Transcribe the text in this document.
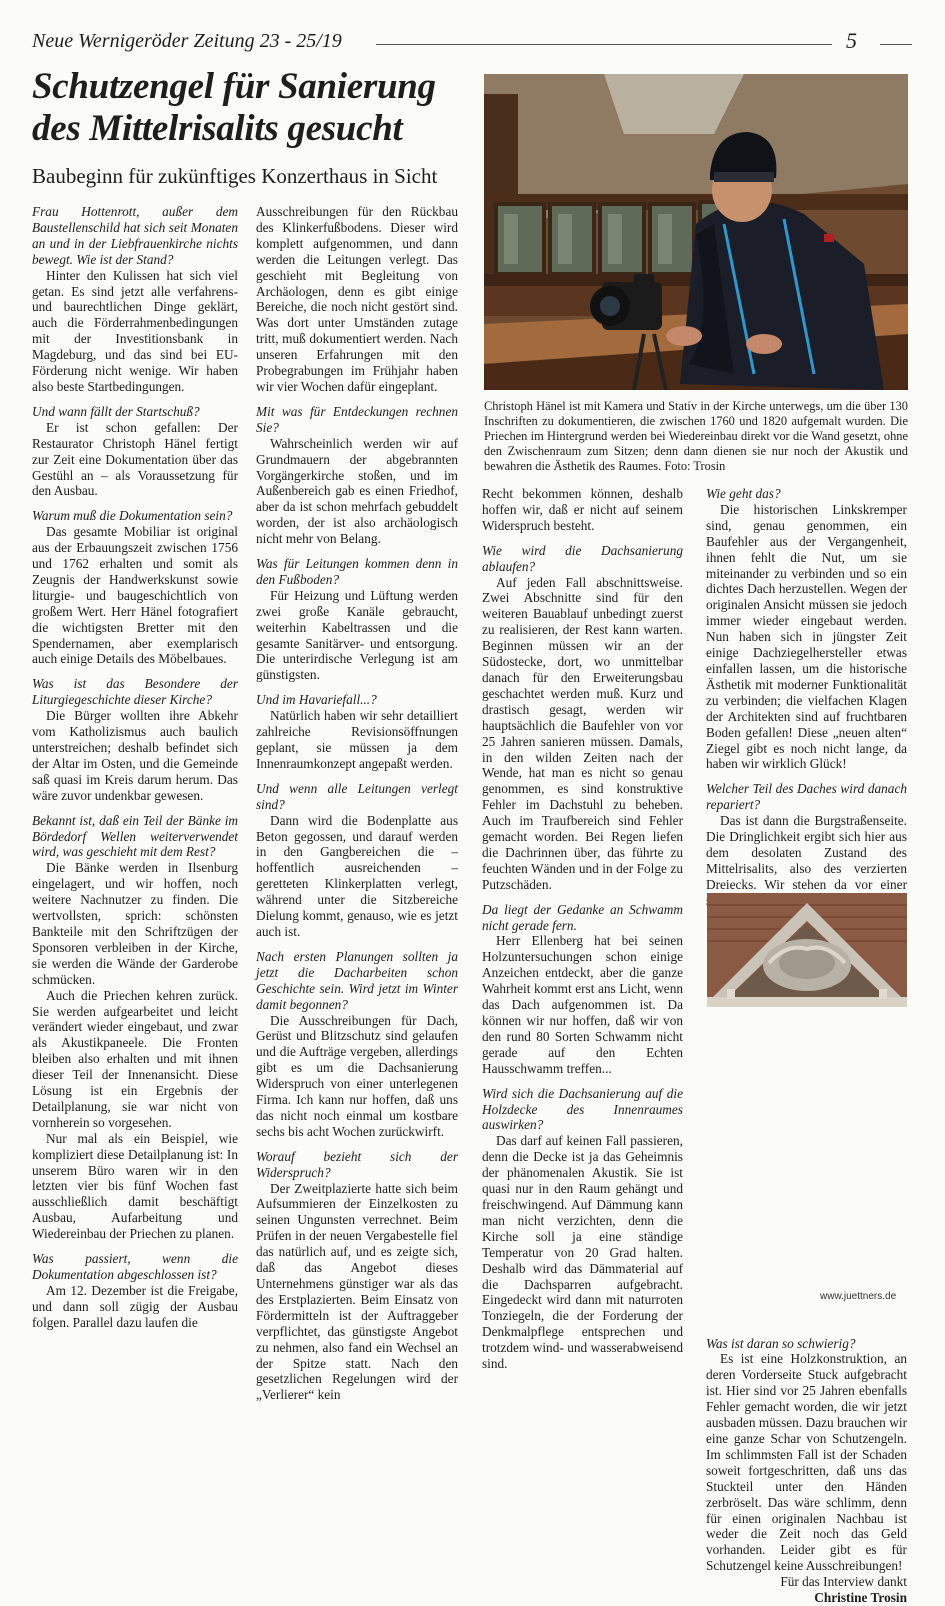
Neue Wernigeröder Zeitung 23 - 25/19	5
Schutzengel für Sanierung
des Mittelrisalits gesucht

Baubeginn für zukünftiges Konzerthaus in Sicht

Frau Hottenrott, außer dem Baustellenschild hat sich seit Monaten an und in der Liebfrauenkirche nichts bewegt. Wie ist der Stand?

Hinter den Kulissen hat sich viel getan. Es sind jetzt alle verfahrens- und baurechtlichen Dinge geklärt, auch die Förderrahmenbedingungen mit der Investitionsbank in Magdeburg, und das sind bei EU-Förderung nicht wenige. Wir haben also beste Startbedingungen.

Und wann fällt der Startschuß?

Er ist schon gefallen: Der Restaurator Christoph Hänel fertigt zur Zeit eine Dokumentation über das Gestühl an – als Voraussetzung für den Ausbau.

Warum muß die Dokumentation sein?

Das gesamte Mobiliar ist original aus der Erbauungszeit zwischen 1756 und 1762 erhalten und somit als Zeugnis der Handwerkskunst sowie liturgie- und baugeschichtlich von großem Wert. Herr Hänel fotografiert die wichtigsten Bretter mit den Spendernamen, aber exemplarisch auch einige Details des Möbelbaues.

Was ist das Besondere der Liturgiegeschichte dieser Kirche?

Die Bürger wollten ihre Abkehr vom Katholizismus auch baulich unterstreichen; deshalb befindet sich der Altar im Osten, und die Gemeinde saß quasi im Kreis darum herum. Das wäre zuvor undenkbar gewesen.

Bekannt ist, daß ein Teil der Bänke im Bördedorf Wellen weiterverwendet wird, was geschieht mit dem Rest?

Die Bänke werden in Ilsenburg eingelagert, und wir hoffen, noch weitere Nachnutzer zu finden. Die wertvollsten, sprich: schönsten Bankteile mit den Schriftzügen der Sponsoren verbleiben in der Kirche, sie werden die Wände der Garderobe schmücken.

Auch die Priechen kehren zurück. Sie werden aufgearbeitet und leicht verändert wieder eingebaut, und zwar als Akustikpaneele. Die Fronten bleiben also erhalten und mit ihnen dieser Teil der Innenansicht. Diese Lösung ist ein Ergebnis der Detailplanung, sie war nicht von vornherein so vorgesehen.

Nur mal als ein Beispiel, wie kompliziert diese Detailplanung ist: In unserem Büro waren wir in den letzten vier bis fünf Wochen fast ausschließlich damit beschäftigt Ausbau, Aufarbeitung und Wiedereinbau der Priechen zu planen.

Was passiert, wenn die Dokumentation abgeschlossen ist?

Am 12. Dezember ist die Freigabe, und dann soll zügig der Ausbau folgen. Parallel dazu laufen die

Ausschreibungen für den Rückbau des Klinkerfußbodens. Dieser wird komplett aufgenommen, und dann werden die Leitungen verlegt. Das geschieht mit Begleitung von Archäologen, denn es gibt einige Bereiche, die noch nicht gestört sind. Was dort unter Umständen zutage tritt, muß dokumentiert werden. Nach unseren Erfahrungen mit den Probegrabungen im Frühjahr haben wir vier Wochen dafür eingeplant.

Mit was für Entdeckungen rechnen Sie?

Wahrscheinlich werden wir auf Grundmauern der abgebrannten Vorgängerkirche stoßen, und im Außenbereich gab es einen Friedhof, aber da ist schon mehrfach gebuddelt worden, der ist also archäologisch nicht mehr von Belang.

Was für Leitungen kommen denn in den Fußboden?

Für Heizung und Lüftung werden zwei große Kanäle gebraucht, weiterhin Kabeltrassen und die gesamte Sanitärver- und entsorgung. Die unterirdische Verlegung ist am günstigsten.

Und im Havariefall...?

Natürlich haben wir sehr detailliert zahlreiche Revisionsöffnungen geplant, sie müssen ja dem Innenraumkonzept angepaßt werden.

Und wenn alle Leitungen verlegt sind?

Dann wird die Bodenplatte aus Beton gegossen, und darauf werden in den Gangbereichen die – hoffentlich ausreichenden – geretteten Klinkerplatten verlegt, während unter die Sitzbereiche Dielung kommt, genauso, wie es jetzt auch ist.

Nach ersten Planungen sollten ja jetzt die Dacharbeiten schon Geschichte sein. Wird jetzt im Winter damit begonnen?

Die Ausschreibungen für Dach, Gerüst und Blitzschutz sind gelaufen und die Aufträge vergeben, allerdings gibt es um die Dachsanierung Widerspruch von einer unterlegenen Firma. Ich kann nur hoffen, daß uns das nicht noch einmal um kostbare sechs bis acht Wochen zurückwirft.

Worauf bezieht sich der Widerspruch?

Der Zweitplazierte hatte sich beim Aufsummieren der Einzelkosten zu seinen Ungunsten verrechnet. Beim Prüfen in der neuen Vergabestelle fiel das natürlich auf, und es zeigte sich, daß das Angebot dieses Unternehmens günstiger war als das des Erstplazierten. Beim Einsatz von Fördermitteln ist der Auftraggeber verpflichtet, das günstigste Angebot zu nehmen, also fand ein Wechsel an der Spitze statt. Nach den gesetzlichen Regelungen wird der „Verlierer“ kein

Christoph Hänel ist mit Kamera und Stativ in der Kirche unterwegs, um die über 130 Inschriften zu dokumentieren, die zwischen 1760 und 1820 aufgemalt wurden. Die Priechen im Hintergrund werden bei Wiedereinbau direkt vor die Wand gesetzt, ohne den Zwischenraum zum Sitzen; denn dann dienen sie nur noch der Akustik und bewahren die Ästhetik des Raumes. Foto: Trosin

Recht bekommen können, deshalb hoffen wir, daß er nicht auf seinem Widerspruch besteht.

Wie wird die Dachsanierung ablaufen?

Auf jeden Fall abschnittsweise. Zwei Abschnitte sind für den weiteren Bauablauf unbedingt zuerst zu realisieren, der Rest kann warten. Beginnen müssen wir an der Südostecke, dort, wo unmittelbar danach für den Erweiterungsbau geschachtet werden muß. Kurz und drastisch gesagt, werden wir hauptsächlich die Baufehler von vor 25 Jahren sanieren müssen. Damals, in den wilden Zeiten nach der Wende, hat man es nicht so genau genommen, es sind konstruktive Fehler im Dachstuhl zu beheben. Auch im Traufbereich sind Fehler gemacht worden. Bei Regen liefen die Dachrinnen über, das führte zu feuchten Wänden und in der Folge zu Putzschäden.

Da liegt der Gedanke an Schwamm nicht gerade fern.

Herr Ellenberg hat bei seinen Holzuntersuchungen schon einige Anzeichen entdeckt, aber die ganze Wahrheit kommt erst ans Licht, wenn das Dach aufgenommen ist. Da können wir nur hoffen, daß wir von den rund 80 Sorten Schwamm nicht gerade auf den Echten Hausschwamm treffen...

Wird sich die Dachsanierung auf die Holzdecke des Innenraumes auswirken?

Das darf auf keinen Fall passieren, denn die Decke ist ja das Geheimnis der phänomenalen Akustik. Sie ist quasi nur in den Raum gehängt und freischwingend. Auf Dämmung kann man nicht verzichten, denn die Kirche soll ja eine ständige Temperatur von 20 Grad halten. Deshalb wird das Dämmaterial auf die Dachsparren aufgebracht. Eingedeckt wird dann mit naturroten Tonziegeln, die der Forderung der Denkmalpflege entsprechen und trotzdem wind- und wasserabweisend sind.

Wie geht das?

Die historischen Linkskremper sind, genau genommen, ein Baufehler aus der Vergangenheit, ihnen fehlt die Nut, um sie miteinander zu verbinden und so ein dichtes Dach herzustellen. Wegen der originalen Ansicht müssen sie jedoch immer wieder eingebaut werden. Nun haben sich in jüngster Zeit einige Dachziegelhersteller etwas einfallen lassen, um die historische Ästhetik mit moderner Funktionalität zu verbinden; die vielfachen Klagen der Architekten sind auf fruchtbaren Boden gefallen! Diese „neuen alten“ Ziegel gibt es noch nicht lange, da haben wir wirklich Glück!

Welcher Teil des Daches wird danach repariert?

Das ist dann die Burgstraßenseite. Die Dringlichkeit ergibt sich hier aus dem desolaten Zustand des Mittelrisalits, also des verzierten Dreiecks. Wir stehen da vor einer

Was ist daran so schwierig?

Es ist eine Holzkonstruktion, an deren Vorderseite Stuck aufgebracht ist. Hier sind vor 25 Jahren ebenfalls Fehler gemacht worden, die wir jetzt ausbaden müssen. Dazu brauchen wir eine ganze Schar von Schutzengeln. Im schlimmsten Fall ist der Schaden soweit fortgeschritten, daß uns das Stuckteil unter den Händen zerbröselt. Das wäre schlimm, denn für einen originalen Nachbau ist weder die Zeit noch das Geld vorhanden. Leider gibt es für Schutzengel keine Ausschreibungen!

Für das Interview dankt

Christine Trosin

www.juettners.de
